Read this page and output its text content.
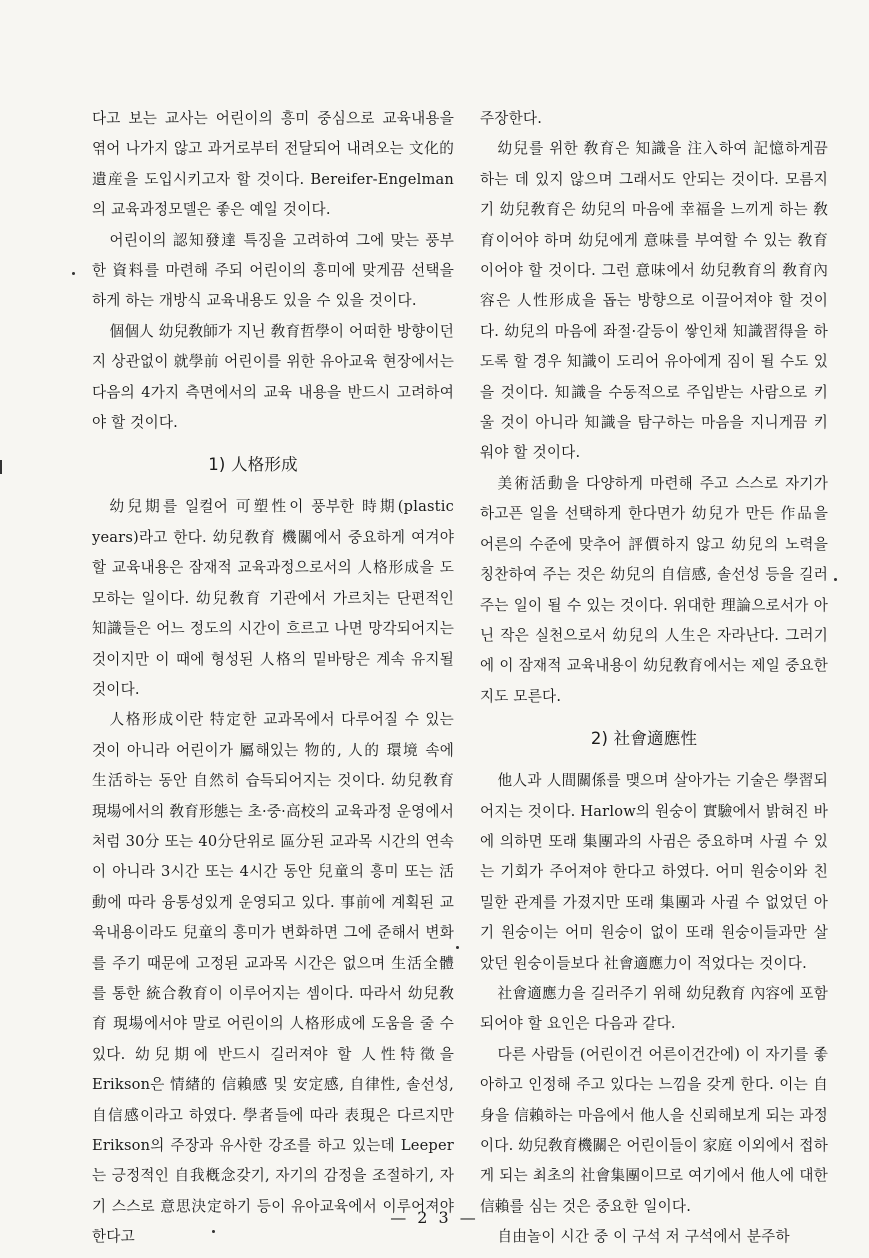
다고 보는 교사는 어린이의 흥미 중심으로 교육내용을 엮어 나가지 않고 과거로부터 전달되어 내려오는 文化的 遺産을 도입시키고자 할 것이다. Bereifer-Engelman의 교육과정모델은 좋은 예일 것이다.

어린이의 認知發達 특징을 고려하여 그에 맞는 풍부한 資料를 마련해 주되 어린이의 흥미에 맞게끔 선택을 하게 하는 개방식 교육내용도 있을 수 있을 것이다.

個個人 幼兒敎師가 지닌 敎育哲學이 어떠한 방향이던지 상관없이 就學前 어린이를 위한 유아교육 현장에서는 다음의 4가지 측면에서의 교육 내용을 반드시 고려하여야 할 것이다.

1) 人格形成

幼兒期를 일컬어 可塑性이 풍부한 時期(plastic years)라고 한다. 幼兒敎育 機關에서 중요하게 여겨야 할 교육내용은 잠재적 교육과정으로서의 人格形成을 도모하는 일이다. 幼兒敎育 기관에서 가르치는 단편적인 知識들은 어느 정도의 시간이 흐르고 나면 망각되어지는 것이지만 이 때에 형성된 人格의 밑바탕은 계속 유지될 것이다.

人格形成이란 特定한 교과목에서 다루어질 수 있는 것이 아니라 어린이가 屬해있는 物的, 人的 環境 속에 生活하는 동안 自然히 습득되어지는 것이다. 幼兒敎育 現場에서의 敎育形態는 초·중·高校의 교육과정 운영에서 처럼 30分 또는 40分단위로 區分된 교과목 시간의 연속이 아니라 3시간 또는 4시간 동안 兒童의 흥미 또는 活動에 따라 융통성있게 운영되고 있다. 事前에 계획된 교육내용이라도 兒童의 흥미가 변화하면 그에 준해서 변화를 주기 때문에 고정된 교과목 시간은 없으며 生活全體를 통한 統合敎育이 이루어지는 셈이다. 따라서 幼兒敎育 現場에서야 말로 어린이의 人格形成에 도움을 줄 수 있다. 幼兒期에 반드시 길러져야 할 人性特徵을 Erikson은 情緖的 信賴感 및 安定感, 自律性, 솔선성, 自信感이라고 하였다. 學者들에 따라 表現은 다르지만 Erikson의 주장과 유사한 강조를 하고 있는데 Leeper는 긍정적인 自我槪念갖기, 자기의 감정을 조절하기, 자기 스스로 意思決定하기 등이 유아교육에서 이루어져야 한다고

주장한다.

幼兒를 위한 敎育은 知識을 注入하여 記憶하게끔 하는 데 있지 않으며 그래서도 안되는 것이다. 모름지기 幼兒敎育은 幼兒의 마음에 幸福을 느끼게 하는 敎育이어야 하며 幼兒에게 意味를 부여할 수 있는 敎育이어야 할 것이다. 그런 意味에서 幼兒敎育의 敎育內容은 人性形成을 돕는 방향으로 이끌어져야 할 것이다. 幼兒의 마음에 좌절·갈등이 쌓인채 知識習得을 하도록 할 경우 知識이 도리어 유아에게 짐이 될 수도 있을 것이다. 知識을 수동적으로 주입받는 사람으로 키울 것이 아니라 知識을 탐구하는 마음을 지니게끔 키워야 할 것이다.

美術活動을 다양하게 마련해 주고 스스로 자기가 하고픈 일을 선택하게 한다면가 幼兒가 만든 作品을 어른의 수준에 맞추어 評價하지 않고 幼兒의 노력을 칭찬하여 주는 것은 幼兒의 自信感, 솔선성 등을 길러주는 일이 될 수 있는 것이다. 위대한 理論으로서가 아닌 작은 실천으로서 幼兒의 人生은 자라난다. 그러기에 이 잠재적 교육내용이 幼兒敎育에서는 제일 중요한지도 모른다.

2) 社會適應性

他人과 人間關係를 맺으며 살아가는 기술은 學習되어지는 것이다. Harlow의 원숭이 實驗에서 밝혀진 바에 의하면 또래 集團과의 사귐은 중요하며 사귈 수 있는 기회가 주어져야 한다고 하였다. 어미 원숭이와 친밀한 관계를 가졌지만 또래 集團과 사귈 수 없었던 아기 원숭이는 어미 원숭이 없이 또래 원숭이들과만 살았던 원숭이들보다 社會適應力이 적었다는 것이다.

社會適應力을 길러주기 위해 幼兒敎育 內容에 포함되어야 할 요인은 다음과 같다.

다른 사람들 (어린이건 어른이건간에) 이 자기를 좋아하고 인정해 주고 있다는 느낌을 갖게 한다. 이는 自身을 信賴하는 마음에서 他人을 신뢰해보게 되는 과정이다. 幼兒敎育機關은 어린이들이 家庭 이외에서 접하게 되는 최초의 社會集團이므로 여기에서 他人에 대한 信賴를 심는 것은 중요한 일이다.

自由놀이 시간 중 이 구석 저 구석에서 분주하

— 2 3 —
